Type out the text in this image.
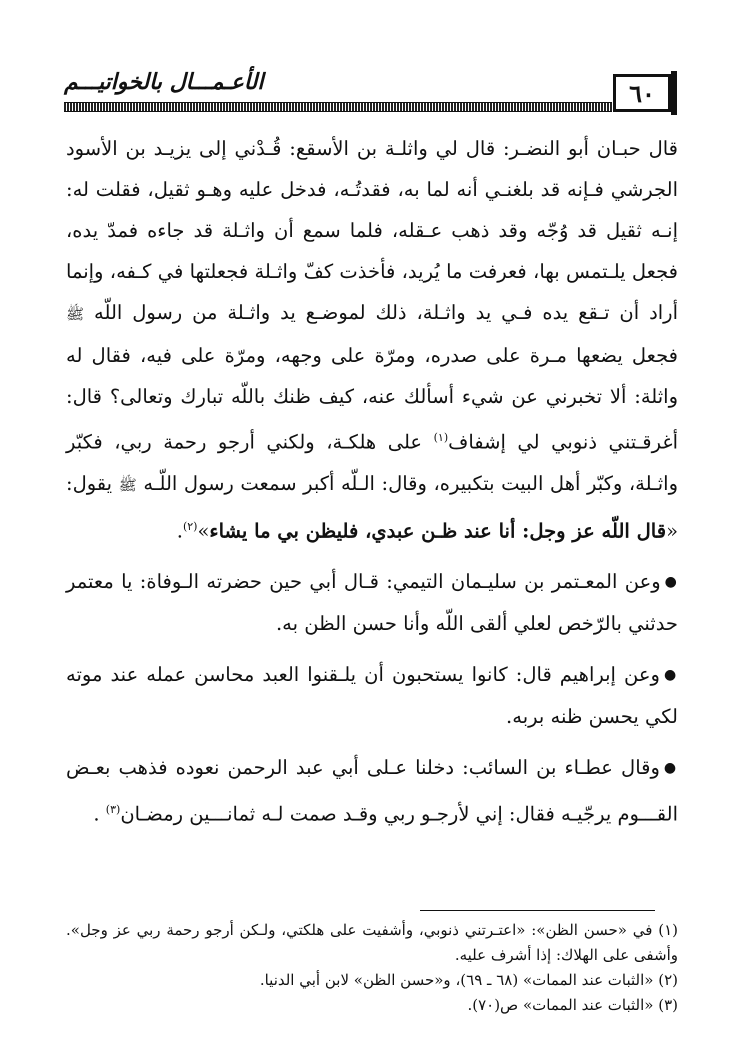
٦٠
الأعـمـــال بالخواتيـــم

قال حبـان أبو النضـر: قال لي واثلـة بن الأسقع: قُـدْني إلى يزيـد بن الأسود الجرشي فـإنه قد بلغنـي أنه لما به، فقدتُـه، فدخل عليه وهـو ثقيل، فقلت له: إنـه ثقيل قد وُجّه وقد ذهب عـقله، فلما سمع أن واثـلة قد جاءه فمدّ يده، فجعل يلـتمس بها، فعرفت ما يُريد، فأخذت كفّ واثـلة فجعلتها في كـفه، وإنما أراد أن تـقع يده فـي يد واثـلة، ذلك لموضـع يد واثـلة من رسول اللّه ﷺ فجعل يضعها مـرة على صدره، ومرّة على وجهه، ومرّة على فيه، فقال له واثلة: ألا تخبرني عن شيء أسألك عنه، كيف ظنك باللّه تبارك وتعالى؟ قال: أغرقـتني ذنوبي لي إشفاف$^{(١)}$ على هلكـة، ولكني أرجو رحمة ربي، فكبّر واثـلة، وكبّر أهل البيت بتكبيره، وقال: الـلّه أكبر سمعت رسول اللّـه ﷺ يقول: «قال اللّه عز وجل: أنا عند ظـن عبدي، فليظن بي ما يشاء»$^{(٢)}$.

●وعن المعـتمر بن سليـمان التيمي: قـال أبي حين حضرته الـوفاة: يا معتمر حدثني بالرّخص لعلي ألقى اللّه وأنا حسن الظن به.

●وعن إبراهيم قال: كانوا يستحبون أن يلـقنوا العبد محاسن عمله عند موته لكي يحسن ظنه بربه.

●وقال عطـاء بن السائب: دخلنا عـلى أبي عبد الرحمن نعوده فذهب بعـض القـــوم يرجّيـه فقال: إني لأرجـو ربي وقـد صمت لـه ثمانـــين رمضـان$^{(٣)}$ .

(١) في «حسن الظن»: «اعتـرتني ذنوبي، وأشفيت على هلكتي، ولـكن أرجو رحمة ربي عز وجل». وأشفى على الهلاك: إذا أشرف عليه.

(٢) «الثبات عند الممات» (٦٨ ـ ٦٩)، و«حسن الظن» لابن أبي الدنيا.

(٣) «الثبات عند الممات» ص(٧٠).
